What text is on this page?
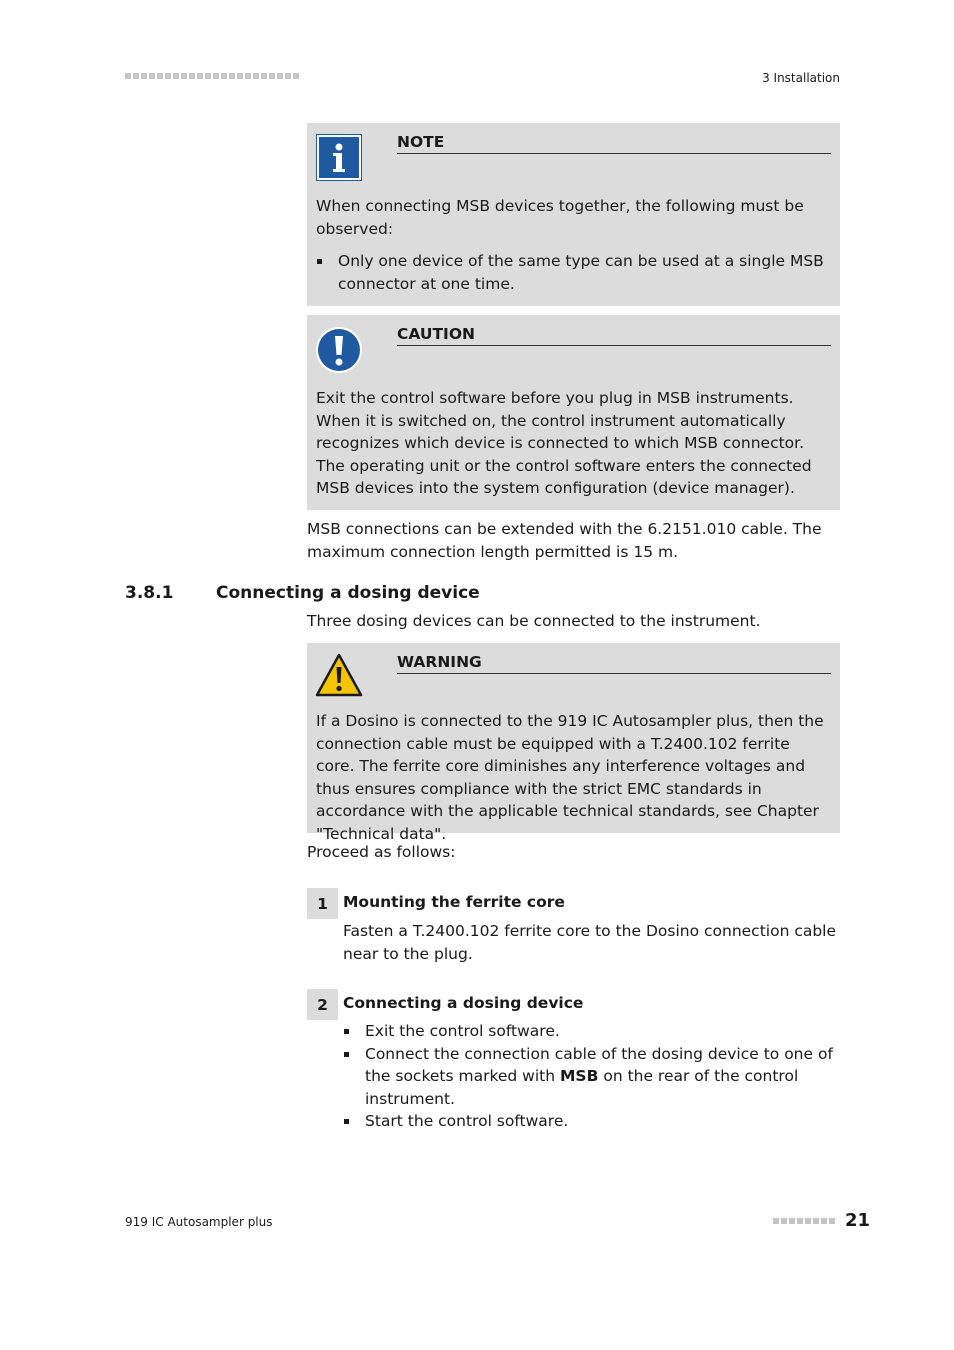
3 Installation
NOTE
When connecting MSB devices together, the following must be observed:
Only one device of the same type can be used at a single MSB connector at one time.
CAUTION
Exit the control software before you plug in MSB instruments. When it is switched on, the control instrument automatically recognizes which device is connected to which MSB connector. The operating unit or the control software enters the connected MSB devices into the system configuration (device manager).
MSB connections can be extended with the 6.2151.010 cable. The maximum connection length permitted is 15 m.
3.8.1	Connecting a dosing device
Three dosing devices can be connected to the instrument.
WARNING
If a Dosino is connected to the 919 IC Autosampler plus, then the connection cable must be equipped with a T.2400.102 ferrite core. The ferrite core diminishes any interference voltages and thus ensures compliance with the strict EMC standards in accordance with the applicable technical standards, see Chapter "Technical data".
Proceed as follows:
1 Mounting the ferrite core
Fasten a T.2400.102 ferrite core to the Dosino connection cable near to the plug.
2 Connecting a dosing device
Exit the control software.
Connect the connection cable of the dosing device to one of the sockets marked with MSB on the rear of the control instrument.
Start the control software.
919 IC Autosampler plus	21
